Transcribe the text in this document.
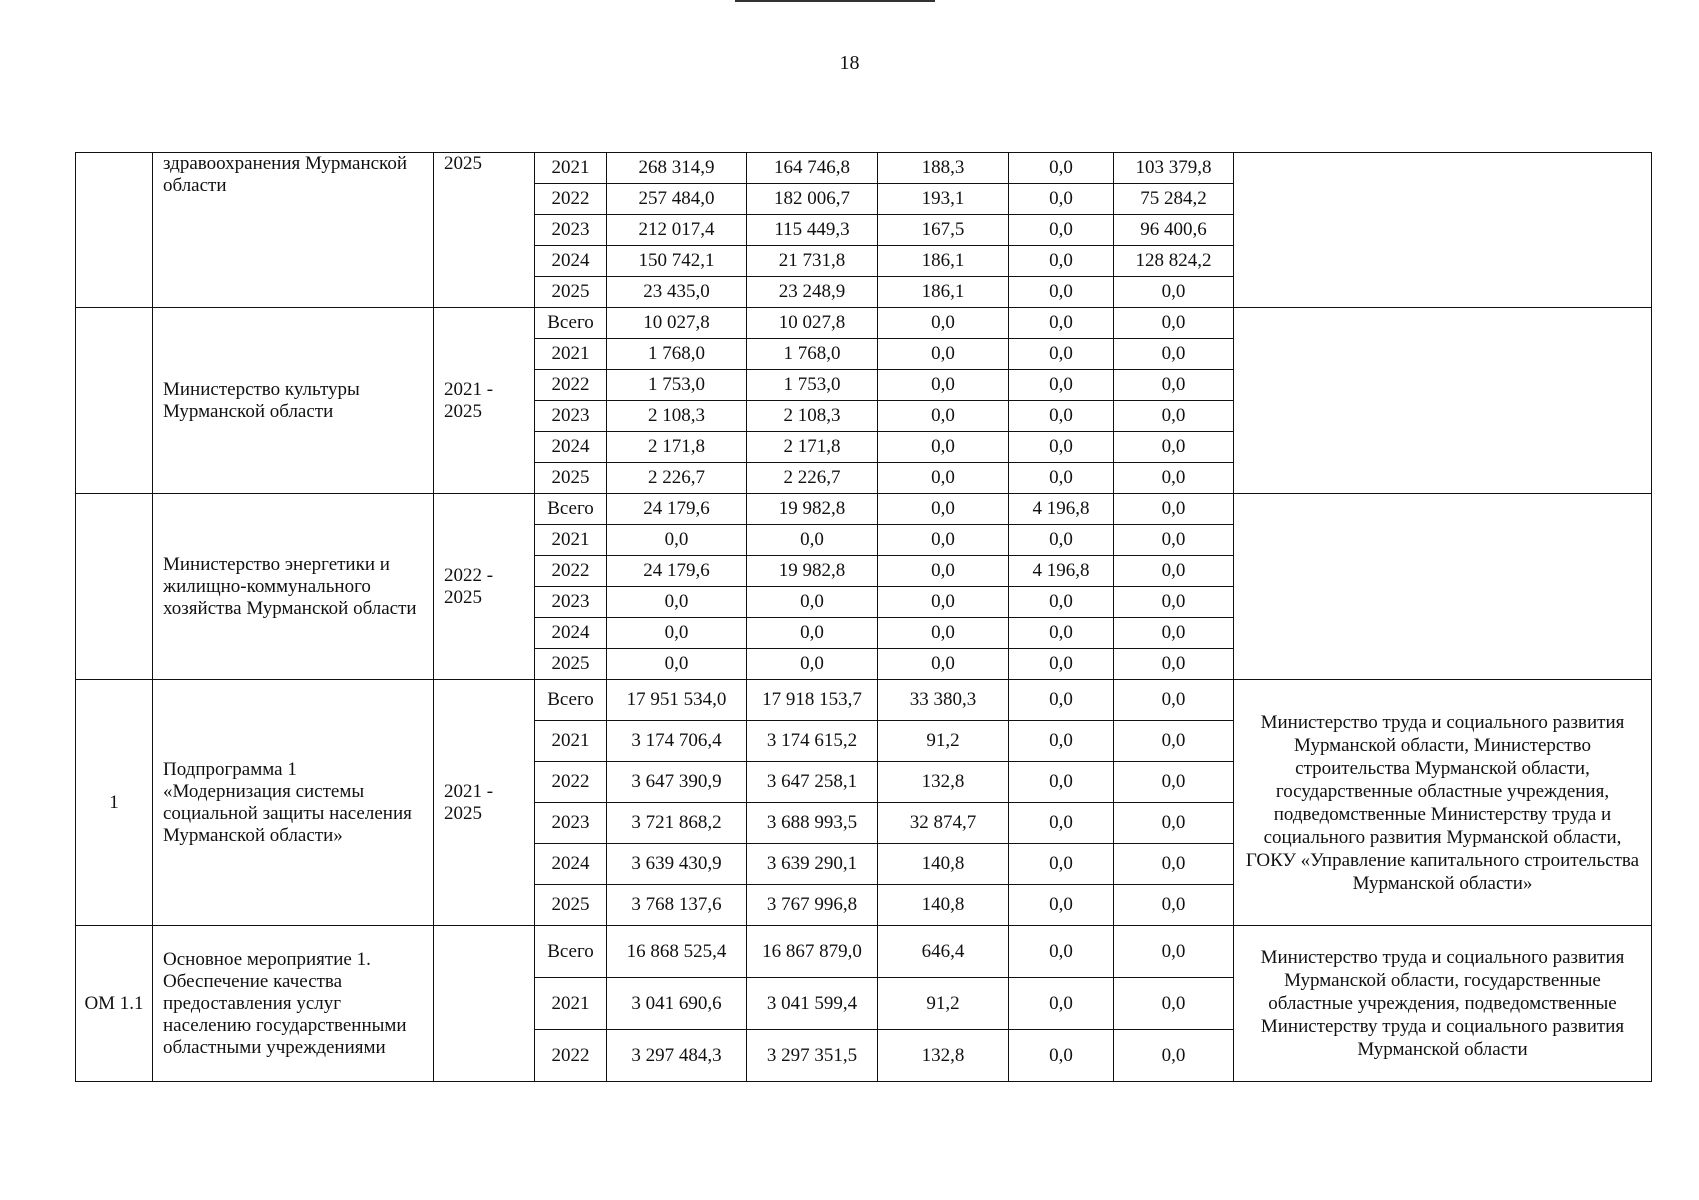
18
	здравоохранения Мурманской области	2025	2021	268 314,9	164 746,8	188,3	0,0	103 379,8	
			2022	257 484,0	182 006,7	193,1	0,0	75 284,2	
			2023	212 017,4	115 449,3	167,5	0,0	96 400,6	
			2024	150 742,1	21 731,8	186,1	0,0	128 824,2	
			2025	23 435,0	23 248,9	186,1	0,0	0,0	
	Министерство культуры Мурманской области	2021 - 2025	Всего	10 027,8	10 027,8	0,0	0,0	0,0	
			2021	1 768,0	1 768,0	0,0	0,0	0,0	
			2022	1 753,0	1 753,0	0,0	0,0	0,0	
			2023	2 108,3	2 108,3	0,0	0,0	0,0	
			2024	2 171,8	2 171,8	0,0	0,0	0,0	
			2025	2 226,7	2 226,7	0,0	0,0	0,0	
	Министерство энергетики и жилищно-коммунального хозяйства Мурманской области	2022 - 2025	Всего	24 179,6	19 982,8	0,0	4 196,8	0,0	
			2021	0,0	0,0	0,0	0,0	0,0	
			2022	24 179,6	19 982,8	0,0	4 196,8	0,0	
			2023	0,0	0,0	0,0	0,0	0,0	
			2024	0,0	0,0	0,0	0,0	0,0	
			2025	0,0	0,0	0,0	0,0	0,0	
1	Подпрограмма 1 «Модернизация системы социальной защиты населения Мурманской области»	2021 - 2025	Всего	17 951 534,0	17 918 153,7	33 380,3	0,0	0,0	Министерство труда и социального развития Мурманской области, Министерство строительства Мурманской области, государственные областные учреждения, подведомственные Министерству труда и социального развития Мурманской области, ГОКУ «Управление капитального строительства Мурманской области»
			2021	3 174 706,4	3 174 615,2	91,2	0,0	0,0	
			2022	3 647 390,9	3 647 258,1	132,8	0,0	0,0	
			2023	3 721 868,2	3 688 993,5	32 874,7	0,0	0,0	
			2024	3 639 430,9	3 639 290,1	140,8	0,0	0,0	
			2025	3 768 137,6	3 767 996,8	140,8	0,0	0,0	
ОМ 1.1	Основное мероприятие 1. Обеспечение качества предоставления услуг населению государственными областными учреждениями		Всего	16 868 525,4	16 867 879,0	646,4	0,0	0,0	Министерство труда и социального развития Мурманской области, государственные областные учреждения, подведомственные Министерству труда и социального развития Мурманской области
			2021	3 041 690,6	3 041 599,4	91,2	0,0	0,0	
			2022	3 297 484,3	3 297 351,5	132,8	0,0	0,0	
